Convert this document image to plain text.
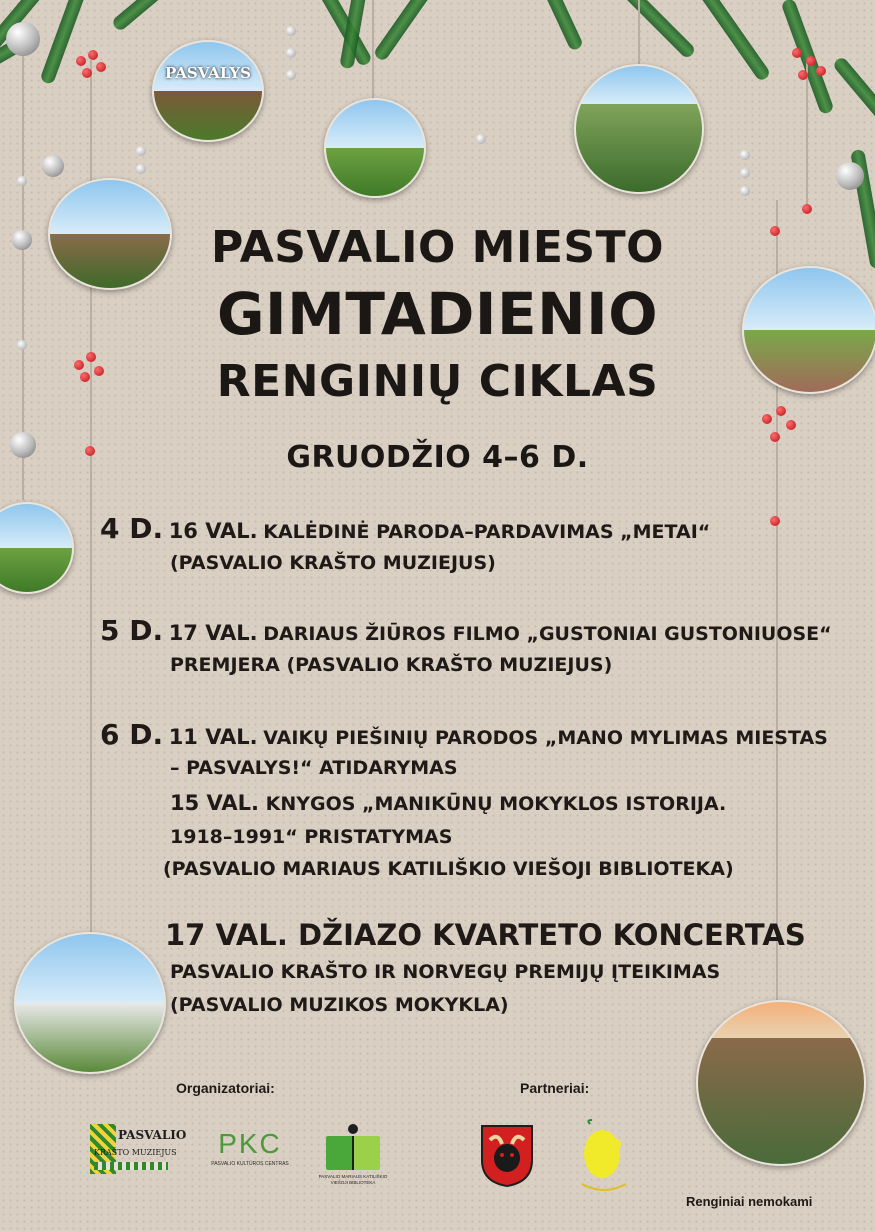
PASVALYS
PASVALIO MIESTO
GIMTADIENIO
RENGINIŲ CIKLAS
GRUODŽIO 4–6 D.
4 D. 16 VAL. KALĖDINĖ PARODA–PARDAVIMAS „METAI“
(PASVALIO KRAŠTO MUZIEJUS)
5 D. 17 VAL. DARIAUS ŽIŪROS FILMO „GUSTONIAI GUSTONIUOSE“
PREMJERA (PASVALIO KRAŠTO MUZIEJUS)
6 D. 11 VAL. VAIKŲ PIEŠINIŲ PARODOS „MANO MYLIMAS MIESTAS
– PASVALYS!“ ATIDARYMAS
15 VAL. KNYGOS „MANIKŪNŲ MOKYKLOS ISTORIJA.
1918–1991“ PRISTATYMAS
(PASVALIO MARIAUS KATILIŠKIO VIEŠOJI BIBLIOTEKA)
17 VAL. DŽIAZO KVARTETO KONCERTAS
PASVALIO KRAŠTO IR NORVEGŲ PREMIJŲ ĮTEIKIMAS
(PASVALIO MUZIKOS MOKYKLA)
Organizatoriai:	Partneriai:
Renginiai nemokami
PASVALIO
KRAŠTO MUZIEJUS	PKC
PASVALIO KULTŪROS CENTRAS
PASVALIO MARIAUS KATILIŠKIO VIEŠOJI BIBLIOTEKA
